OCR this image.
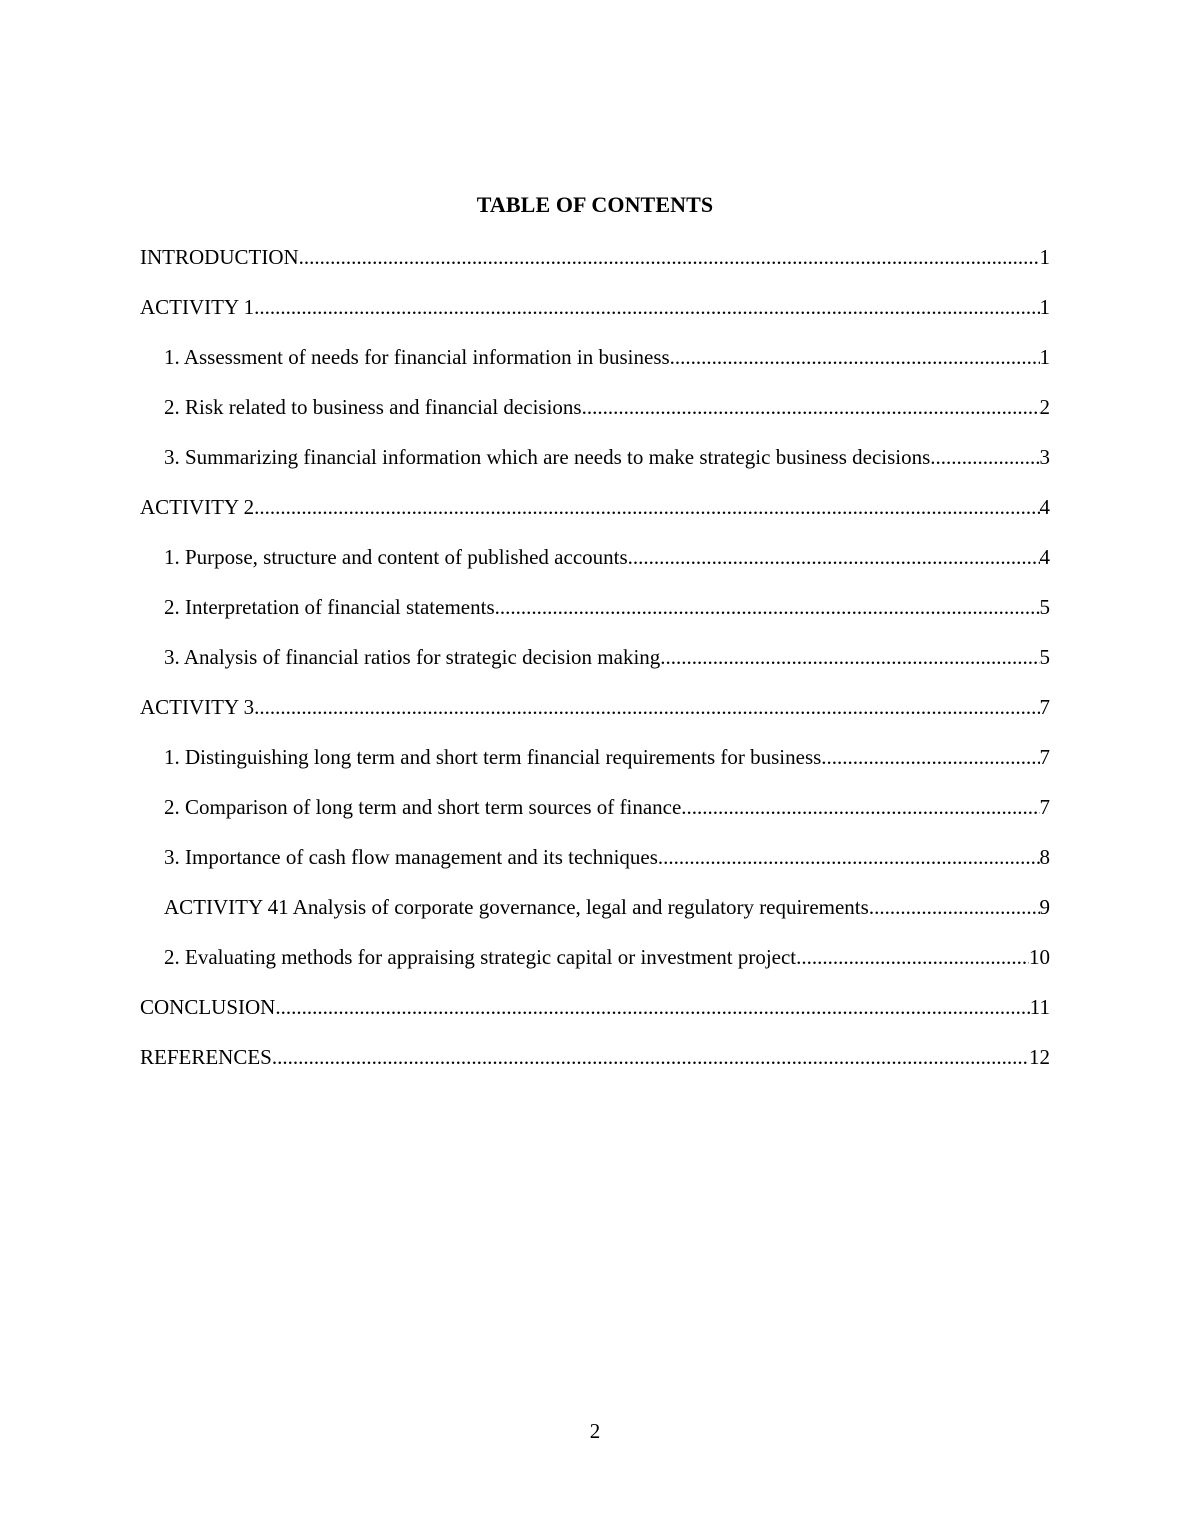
TABLE OF CONTENTS
INTRODUCTION .....	1
ACTIVITY 1 .....	1
1. Assessment of needs for financial information in business .....	1
2. Risk related to business and financial decisions .....	2
3. Summarizing financial information which are needs to make strategic business decisions .....	3
ACTIVITY 2 .....	4
1. Purpose, structure and content of published accounts .....	4
2. Interpretation of financial statements .....	5
3. Analysis of financial ratios for strategic decision making .....	5
ACTIVITY 3 .....	7
1. Distinguishing long term and short term financial requirements for business .....	7
2. Comparison of long term and short term sources of finance .....	7
3. Importance of cash flow management and its techniques .....	8
ACTIVITY 41 Analysis of corporate governance, legal and regulatory requirements .....	9
2. Evaluating methods for appraising strategic capital or investment project .....	10
CONCLUSION .....	11
REFERENCES .....	12
2
